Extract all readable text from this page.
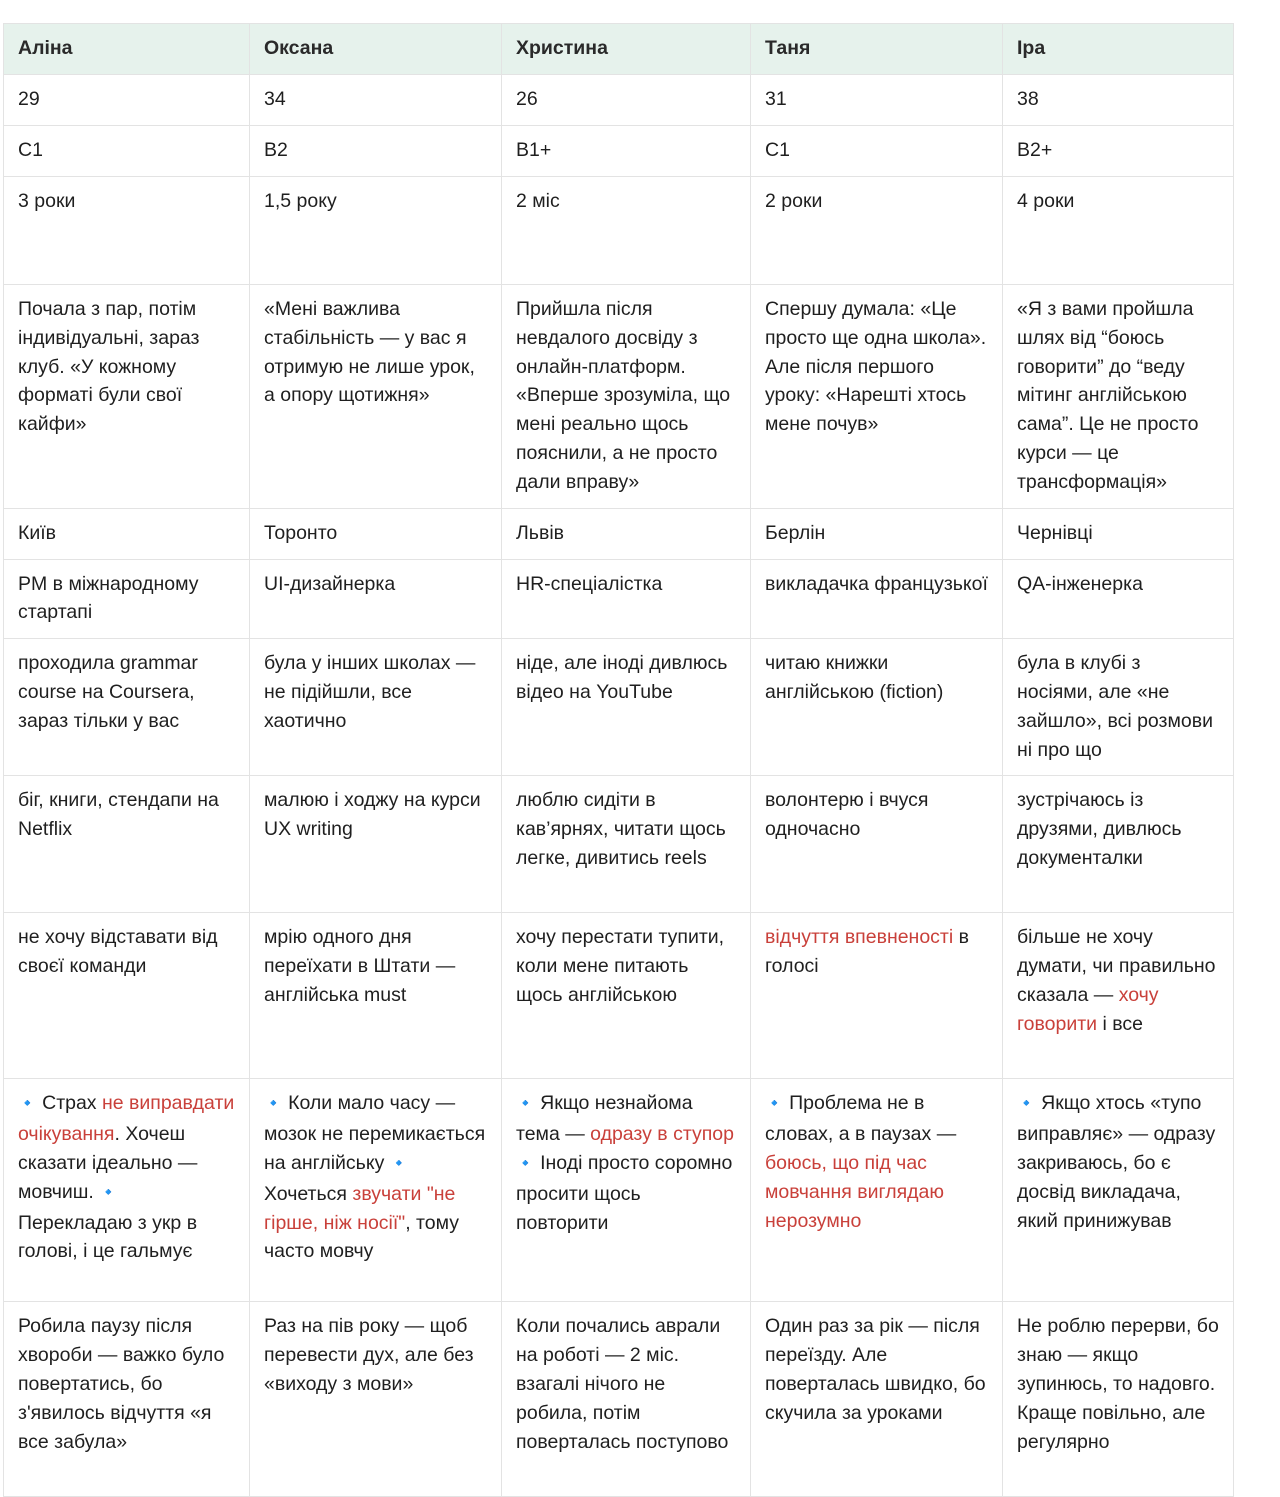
Аліна	Оксана	Христина	Таня	Іра
29	34	26	31	38
C1	B2	B1+	C1	B2+
3 роки	1,5 року	2 міс	2 роки	4 роки
Почала з пар, потім індивідуальні, зараз клуб. «У кожному форматі були свої кайфи»	«Мені важлива стабільність — у вас я отримую не лише урок, а опору щотижня»	Прийшла після невдалого досвіду з онлайн-платформ. «Вперше зрозуміла, що мені реально щось пояснили, а не просто дали вправу»	Спершу думала: «Це просто ще одна школа». Але після першого уроку: «Нарешті хтось мене почув»	«Я з вами пройшла шлях від “боюсь говорити” до “веду мітинг англійською сама”. Це не просто курси — це трансформація»
Київ	Торонто	Львів	Берлін	Чернівці
PM в міжнародному стартапі	UI-дизайнерка	HR-спеціалістка	викладачка французької	QA-інженерка
проходила grammar course на Coursera, зараз тільки у вас	була у інших школах — не підійшли, все хаотично	ніде, але іноді дивлюсь відео на YouTube	читаю книжки англійською (fiction)	була в клубі з носіями, але «не зайшло», всі розмови ні про що
біг, книги, стендапи на Netflix	малюю і ходжу на курси UX writing	люблю сидіти в кав’ярнях, читати щось легке, дивитись reels	волонтерю і вчуся одночасно	зустрічаюсь із друзями, дивлюсь документалки
не хочу відставати від своєї команди	мрію одного дня переїхати в Штати — англійська must	хочу перестати тупити, коли мене питають щось англійською	відчуття впевненості в голосі	більше не хочу думати, чи правильно сказала — хочу говорити і все
🔹 Страх не виправдати очікування. Хочеш сказати ідеально — мовчиш. 🔹 Перекладаю з укр в голові, і це гальмує	🔹 Коли мало часу — мозок не перемикається на англійську 🔹 Хочеться звучати "не гірше, ніж носії", тому часто мовчу	🔹 Якщо незнайома тема — одразу в ступор 🔹 Іноді просто соромно просити щось повторити	🔹 Проблема не в словах, а в паузах — боюсь, що під час мовчання виглядаю нерозумно	🔹 Якщо хтось «тупо виправляє» — одразу закриваюсь, бо є досвід викладача, який принижував
Робила паузу після хвороби — важко було повертатись, бо з'явилось відчуття «я все забула»	Раз на пів року — щоб перевести дух, але без «виходу з мови»	Коли почались аврали на роботі — 2 міс. взагалі нічого не робила, потім поверталась поступово	Один раз за рік — після переїзду. Але поверталась швидко, бо скучила за уроками	Не роблю перерви, бо знаю — якщо зупинюсь, то надовго. Краще повільно, але регулярно
